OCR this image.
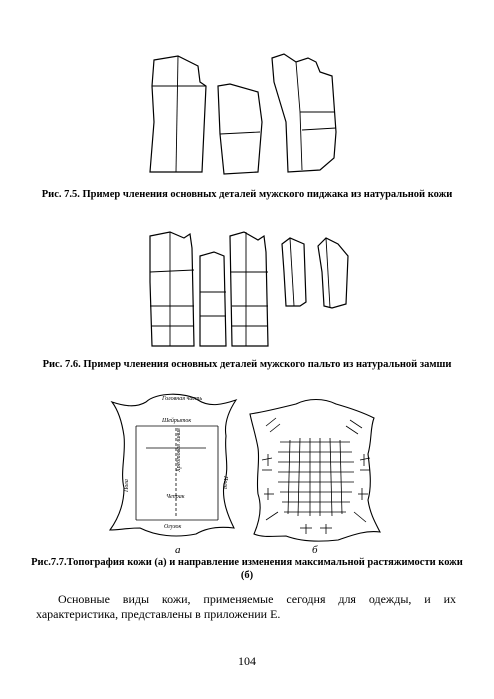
Рис. 7.5. Пример членения основных деталей мужского пиджака из натуральной кожи
Рис. 7.6. Пример членения основных деталей мужского пальто из натуральной замши
Головная часть
Шейрыток
Хребтовая линия
Чепрак
Пола	Пола
Огузок
а	б
Рис.7.7.Топография кожи (а) и направление изменения максимальной растяжимости кожи (б)
Основные виды кожи, применяемые сегодня для одежды, и их характеристика, представлены в приложении Е.
104
